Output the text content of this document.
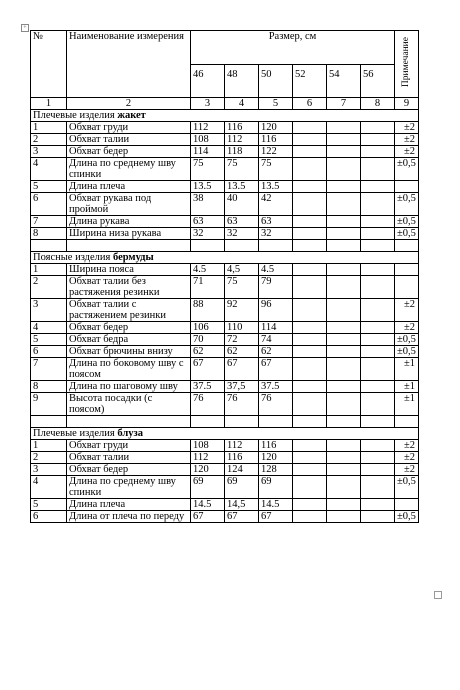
+
№	Наименование измерения	Размер, см						Примечание
		46	48	50	52	54	56	
1	2	3	4	5	6	7	8	9
Плечевые изделия жакет								
1	Обхват груди	112	116	120				±2
2	Обхват талии	108	112	116				±2
3	Обхват бедер	114	118	122				±2
4	Длина по среднему шву спинки	75	75	75				±0,5
5	Длина плеча	13.5	13.5	13.5				
6	Обхват рукава под проймой	38	40	42				±0,5
7	Длина рукава	63	63	63				±0,5
8	Ширина низа рукава	32	32	32				±0,5

Поясные изделия бермуды								
1	Ширина пояса	4.5	4,5	4.5				
2	Обхват талии без растяжения резинки	71	75	79				
3	Обхват талии с растяжением резинки	88	92	96				±2
4	Обхват бедер	106	110	114				±2
5	Обхват бедра	70	72	74				±0,5
6	Обхват брючины внизу	62	62	62				±0,5
7	Длина по боковому шву с поясом	67	67	67				±1
8	Длина по шаговому шву	37.5	37,5	37.5				±1
9	Высота посадки (с поясом)	76	76	76				±1

Плечевые изделия блуза								
1	Обхват груди	108	112	116				±2
2	Обхват талии	112	116	120				±2
3	Обхват бедер	120	124	128				±2
4	Длина по среднему шву спинки	69	69	69				±0,5
5	Длина плеча	14.5	14,5	14.5				
6	Длина от плеча по переду	67	67	67				±0,5
